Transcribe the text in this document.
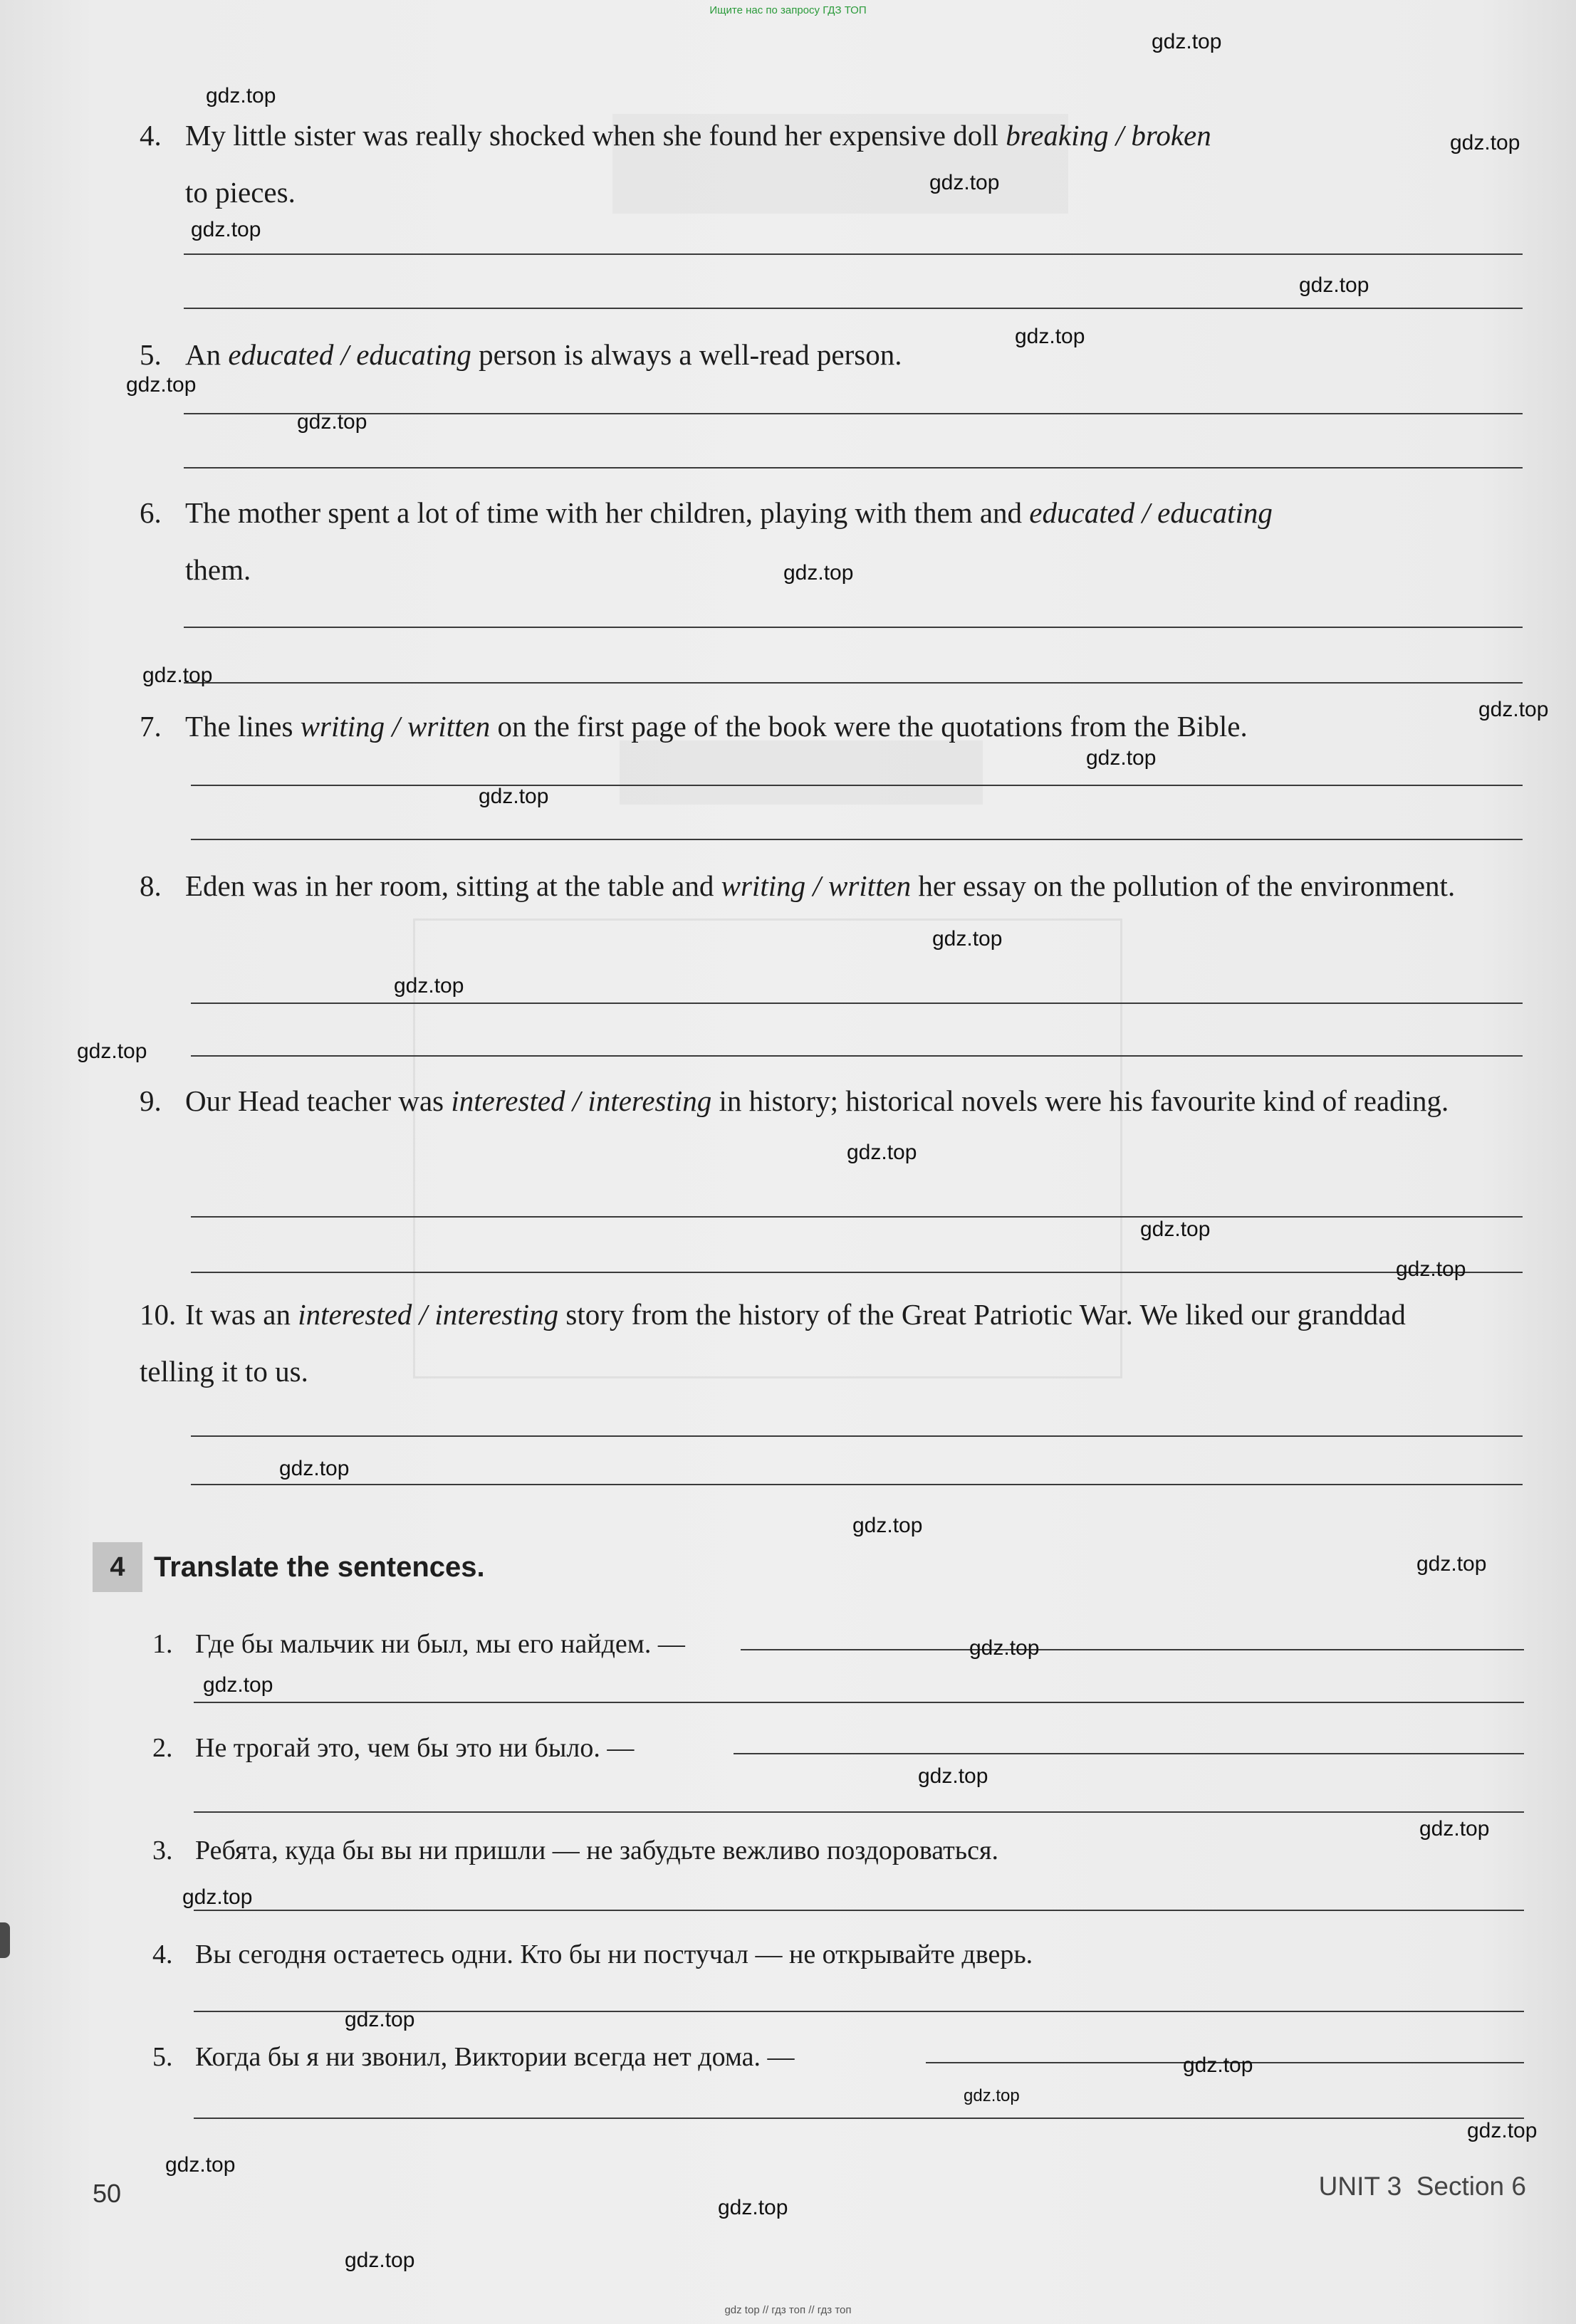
Ищите нас по запросу ГДЗ ТОП
4. My little sister was really shocked when she found her expensive doll breaking / broken
to pieces.
5. An educated / educating person is always a well-read person.
6. The mother spent a lot of time with her children, playing with them and educated / educating
them.
7. The lines writing / written on the first page of the book were the quotations from the Bible.
8. Eden was in her room, sitting at the table and writing / written her essay on the pollution of the environment.
9. Our Head teacher was interested / interesting in history; historical novels were his favourite kind of reading.
10. It was an interested / interesting story from the history of the Great Patriotic War. We liked our granddad telling it to us.
4	Translate the sentences.
1. Где бы мальчик ни был, мы его найдем. —
2. Не трогай это, чем бы это ни было. —
3. Ребята, куда бы вы ни пришли — не забудьте вежливо поздороваться.
4. Вы сегодня остаетесь одни. Кто бы ни постучал — не открывайте дверь.
5. Когда бы я ни звонил, Виктории всегда нет дома. —
gdz.top
gdz.top
gdz.top
gdz.top
gdz.top
gdz.top
gdz.top
gdz.top
gdz.top
gdz.top
gdz.top
gdz.top
gdz.top
gdz.top
gdz.top
gdz.top
gdz.top
gdz.top
gdz.top
gdz.top
gdz.top
gdz.top
gdz.top
gdz.top
gdz.top
gdz.top
gdz.top
gdz.top
gdz.top
gdz.top
gdz.top
gdz.top
gdz.top
gdz.top
gdz.top
50	UNIT 3 Section 6
gdz top // гдз топ // гдз топ
